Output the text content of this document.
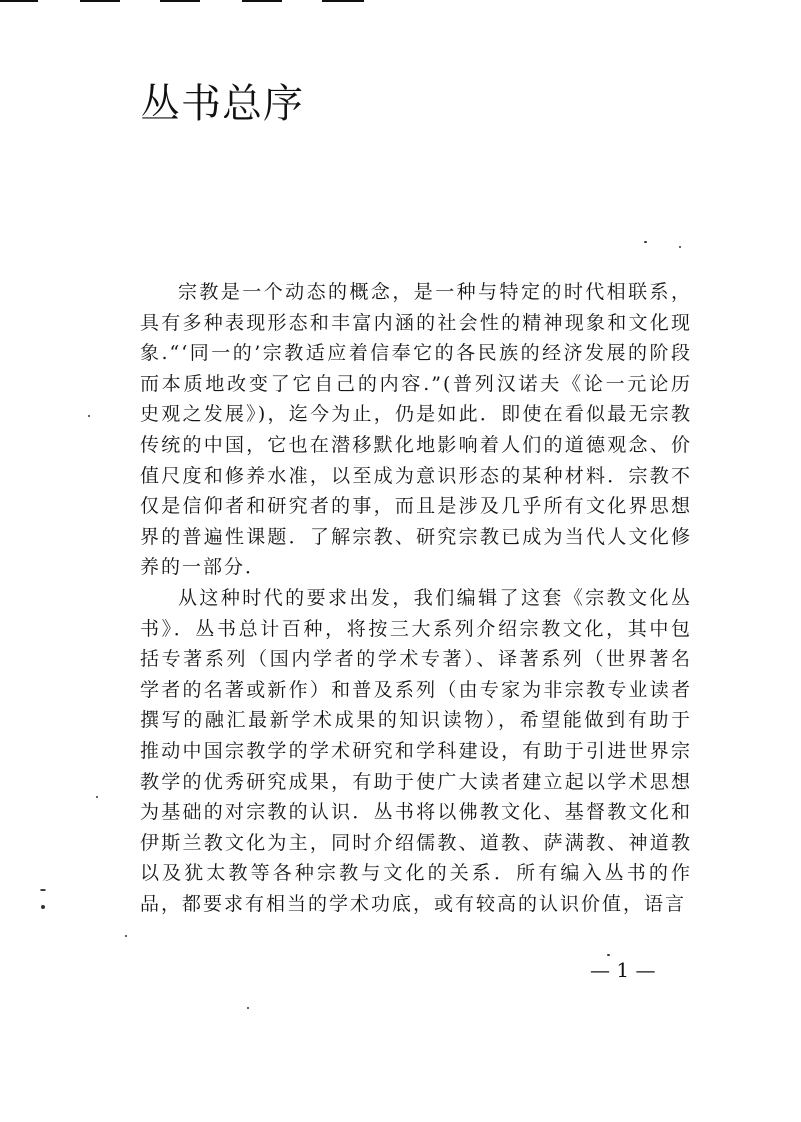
丛书总序

宗教是一个动态的概念，是一种与特定的时代相联系，具有多种表现形态和丰富内涵的社会性的精神现象和文化现象.“‘同一的’宗教适应着信奉它的各民族的经济发展的阶段而本质地改变了它自己的内容.”(普列汉诺夫《论一元论历史观之发展》)，迄今为止，仍是如此．即使在看似最无宗教传统的中国，它也在潜移默化地影响着人们的道德观念、价值尺度和修养水准，以至成为意识形态的某种材料．宗教不仅是信仰者和研究者的事，而且是涉及几乎所有文化界思想界的普遍性课题．了解宗教、研究宗教已成为当代人文化修养的一部分．

从这种时代的要求出发，我们编辑了这套《宗教文化丛书》．丛书总计百种，将按三大系列介绍宗教文化，其中包括专著系列（国内学者的学术专著）、译著系列（世界著名学者的名著或新作）和普及系列（由专家为非宗教专业读者撰写的融汇最新学术成果的知识读物），希望能做到有助于推动中国宗教学的学术研究和学科建设，有助于引进世界宗教学的优秀研究成果，有助于使广大读者建立起以学术思想为基础的对宗教的认识．丛书将以佛教文化、基督教文化和伊斯兰教文化为主，同时介绍儒教、道教、萨满教、神道教以及犹太教等各种宗教与文化的关系．所有编入丛书的作品，都要求有相当的学术功底，或有较高的认识价值，语言

— 1 —
